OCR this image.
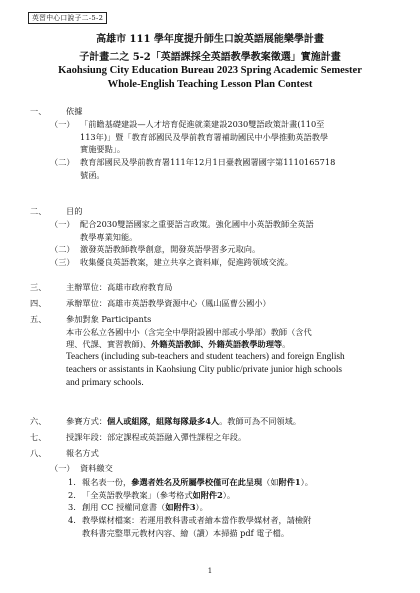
英習中心口說子二-5-2
高雄市 111 學年度提升師生口說英語展能樂學計畫
子計畫二之 5-2「英語課採全英語教學教案徵選」實施計畫
Kaohsiung City Education Bureau 2023 Spring Academic Semester
Whole-English Teaching Lesson Plan Contest
一、 依據
（一） 「前瞻基礎建設—人才培育促進就業建設2030雙語政策計畫(110至
113年)」暨「教育部國民及學前教育署補助國民中小學推動英語教學
實施要點」。
（二） 教育部國民及學前教育署111年12月1日臺教國署國字第1110165718
號函。
二、 目的
（一） 配合2030雙語國家之重要語言政策。強化國中小英語教師全英語
教學專業知能。
（二） 激發英語教師教學創意，開發英語學習多元取向。
（三） 收集優良英語教案，建立共享之資料庫，促進跨領域交流。
三、 主辦單位：高雄市政府教育局
四、 承辦單位：高雄市英語教學資源中心（鳳山區曹公國小）
五、 參加對象 Participants
本市公私立各國中小（含完全中學附設國中部或小學部）教師（含代
理、代課、實習教師)、外籍英語教師、外籍英語教學助理等。
Teachers (including sub-teachers and student teachers) and foreign English
teachers or assistants in Kaohsiung City public/private junior high schools
and primary schools.
六、 參賽方式：個人或組隊，組隊每隊最多4人。教師可為不同領域。
七、 授課年段：部定課程或英語融入彈性課程之年段。
八、 報名方式
（一） 資料繳交
1. 報名表一份，參選者姓名及所屬學校僅可在此呈現（如附件1）。
2. 「全英語教學教案」（參考格式如附件2）。
3. 創用 CC 授權同意書（如附件3）。
4. 教學媒材檔案：若運用教科書或者繪本當作教學媒材者，請檢附
教科書完整單元教材內容、繪（讀）本掃描 pdf 電子檔。
1
